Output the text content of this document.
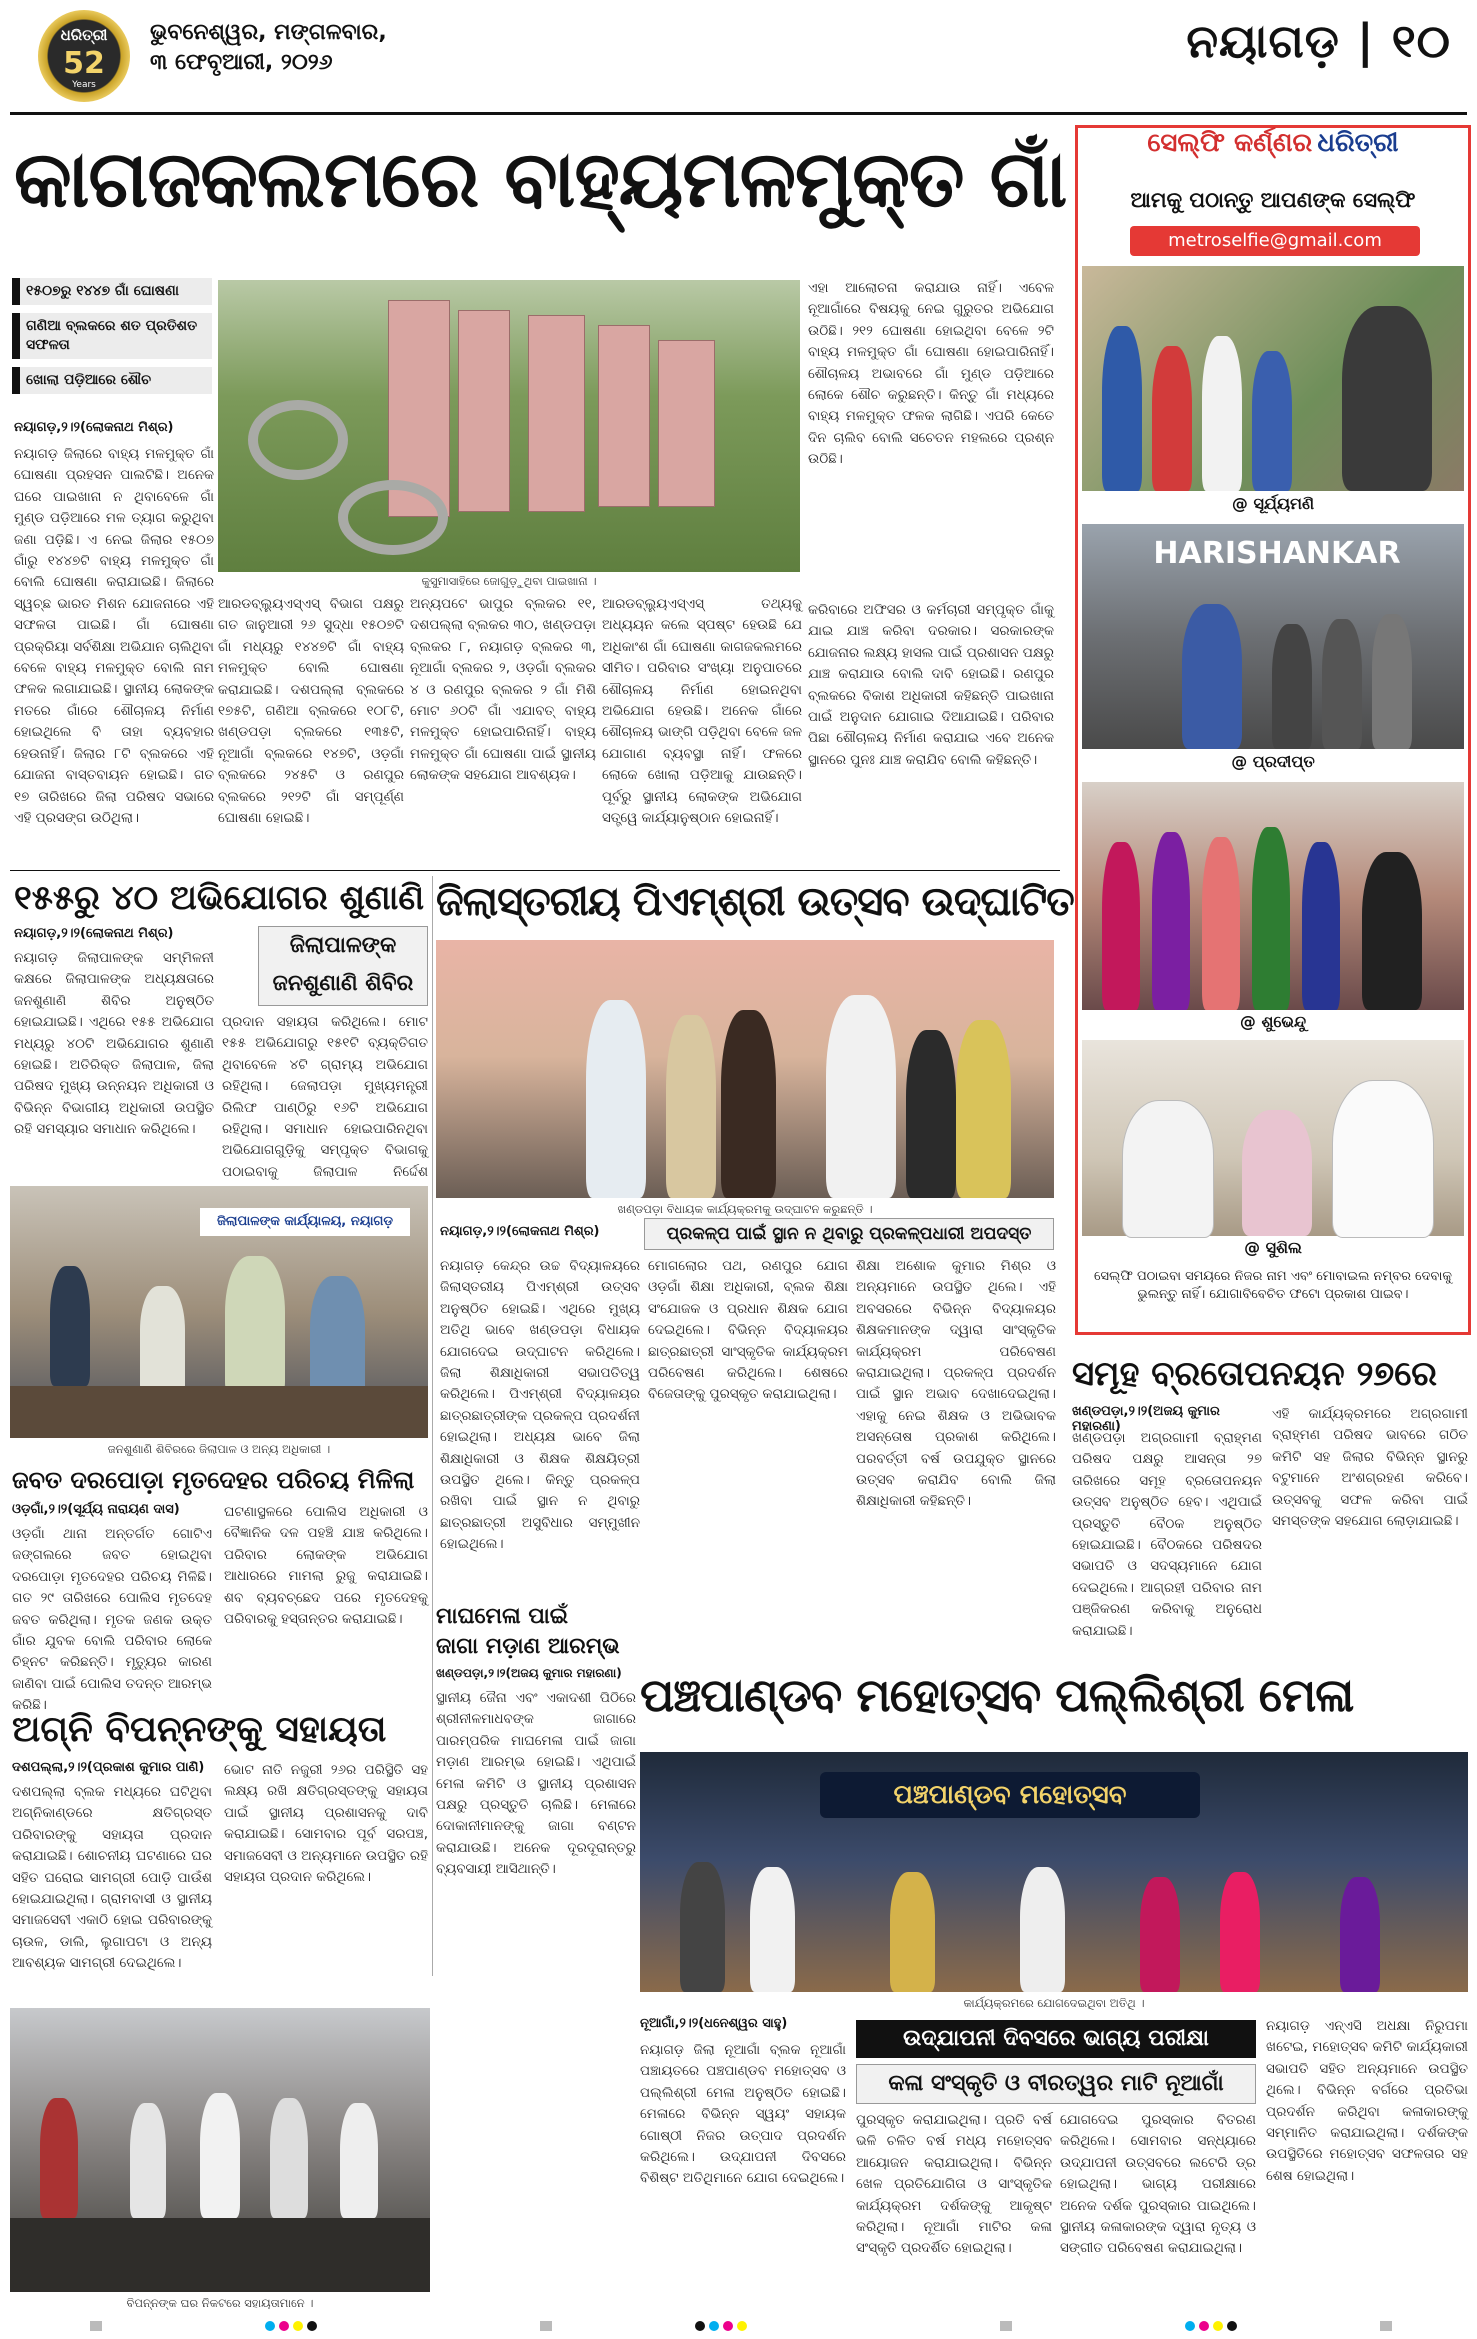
ଧରିତ୍ରୀ
52
Years
ଭୁବନେଶ୍ୱର, ମଙ୍ଗଳବାର,
୩ ଫେବୃଆରୀ, ୨୦୨୬	ନୟାଗଡ଼ | ୧୦
କାଗଜକଲମରେ ବାହ୍ୟମଳମୁକ୍ତ ଗାଁ
୧୫୦୭ରୁ ୧୪୪୭ ଗାଁ ଘୋଷଣା
ଗଣିଆ ବ୍ଲକରେ ଶତ ପ୍ରତିଶତ ସଫଳତା
ଖୋଲା ପଡ଼ିଆରେ ଶୌଚ
ନୟାଗଡ଼,୨।୨(ଲୋକନାଥ ମିଶ୍ର)
ନୟାଗଡ଼ ଜିଲାରେ ବାହ୍ୟ ମଳମୁକ୍ତ ଗାଁ ଘୋଷଣା ପ୍ରହସନ ପାଲଟିଛି। ଅନେକ ଘରେ ପାଇଖାନା ନ ଥିବାବେଳେ ଗାଁ ମୁଣ୍ଡ ପଡ଼ିଆରେ ମଳ ତ୍ୟାଗ କରୁଥିବା ଜଣା ପଡ଼ିଛି। ଏ ନେଇ ଜିଲାର ୧୫୦୭ ଗାଁରୁ ୧୪୪୭ଟି ବାହ୍ୟ ମଳମୁକ୍ତ ଗାଁ ବୋଲି ଘୋଷଣା କରାଯାଇଛି। ଜିଲାରେ ସ୍ୱଚ୍ଛ ଭାରତ ମିଶନ ଯୋଜନାରେ ଏହି ସଫଳତା ପାଇଛି। ଗାଁ ଘୋଷଣା ପ୍ରକ୍ରିୟା ସର୍ବଶିକ୍ଷା ଅଭିଯାନ ଚାଲିଥିବା ବେଳେ ବାହ୍ୟ ମଳମୁକ୍ତ ବୋଲି ନାମ ଫଳକ ଲଗାଯାଇଛି। ସ୍ଥାନୀୟ ଲୋକଙ୍କ ମତରେ ଗାଁରେ ଶୌଚାଳୟ ନିର୍ମାଣ ହୋଇଥିଲେ ବି ତାହା ବ୍ୟବହାର ହେଉନାହିଁ। ଜିଲାର ୮ଟି ବ୍ଲକରେ ଏହି ଯୋଜନା ବାସ୍ତବାୟନ ହୋଇଛି। ଗତ ୧୭ ତାରିଖରେ ଜିଲା ପରିଷଦ ସଭାରେ ଏହି ପ୍ରସଙ୍ଗ ଉଠିଥିଲା।
କୁସୁମାସାହିରେ ଜୋଗୁଡ଼ୁଥିବା ପାଇଖାନା ।
ଆରଡବ୍ଲ୍ୟୁଏସ୍ଏସ୍ ବିଭାଗ ପକ୍ଷରୁ ଗତ ଜାନୁଆରୀ ୨୬ ସୁଦ୍ଧା ୧୫୦୭ଟି ଗାଁ ମଧ୍ୟରୁ ୧୪୪୭ଟି ଗାଁ ବାହ୍ୟ ମଳମୁକ୍ତ ବୋଲି ଘୋଷଣା କରାଯାଇଛି। ଦଶପଲ୍ଲା ବ୍ଲକରେ ୧୭୫ଟି, ଗଣିଆ ବ୍ଲକରେ ୧୦୮ଟି, ଖଣ୍ଡପଡ଼ା ବ୍ଲକରେ ୧୩୫ଟି, ନୂଆଗାଁ ବ୍ଲକରେ ୧୪୭ଟି, ଓଡ଼ଗାଁ ବ୍ଲକରେ ୨୪୫ଟି ଓ ରଣପୁର ବ୍ଲକରେ ୨୧୨ଟି ଗାଁ ସମ୍ପୂର୍ଣ୍ଣ ଘୋଷଣା ହୋଇଛି।
ଅନ୍ୟପଟେ ଭାପୁର ବ୍ଲକର ୧୧, ଦଶପଲ୍ଲା ବ୍ଲକର ୩୦, ଖଣ୍ଡପଡ଼ା ବ୍ଲକର ୮, ନୟାଗଡ଼ ବ୍ଲକର ୩, ନୂଆଗାଁ ବ୍ଲକର ୨, ଓଡ଼ଗାଁ ବ୍ଲକର ୪ ଓ ରଣପୁର ବ୍ଲକର ୨ ଗାଁ ମିଶି ମୋଟ ୬୦ଟି ଗାଁ ଏଯାବତ୍ ବାହ୍ୟ ମଳମୁକ୍ତ ହୋଇପାରିନାହିଁ। ବାହ୍ୟ ମଳମୁକ୍ତ ଗାଁ ଘୋଷଣା ପାଇଁ ସ୍ଥାନୀୟ ଲୋକଙ୍କ ସହଯୋଗ ଆବଶ୍ୟକ।
ଆରଡବ୍ଲ୍ୟୁଏସ୍ଏସ୍ ତଥ୍ୟକୁ ଅଧ୍ୟୟନ କଲେ ସ୍ପଷ୍ଟ ହେଉଛି ଯେ ଅଧିକାଂଶ ଗାଁ ଘୋଷଣା କାଗଜକଲମରେ ସୀମିତ। ପରିବାର ସଂଖ୍ୟା ଅନୁପାତରେ ଶୌଚାଳୟ ନିର୍ମାଣ ହୋଇନଥିବା ଅଭିଯୋଗ ହେଉଛି। ଅନେକ ଗାଁରେ ଶୌଚାଳୟ ଭାଙ୍ଗି ପଡ଼ିଥିବା ବେଳେ ଜଳ ଯୋଗାଣ ବ୍ୟବସ୍ଥା ନାହିଁ। ଫଳରେ ଲୋକେ ଖୋଲା ପଡ଼ିଆକୁ ଯାଉଛନ୍ତି। ପୂର୍ବରୁ ସ୍ଥାନୀୟ ଲୋକଙ୍କ ଅଭିଯୋଗ ସତ୍ତ୍ୱେ କାର୍ଯ୍ୟାନୁଷ୍ଠାନ ହୋଇନାହିଁ।
ଏହା ଆଲୋଚନା କରାଯାଉ ନାହିଁ। ଏବେଳ ନୂଆଗାଁରେ ବିଷୟକୁ ନେଇ ଗୁରୁତର ଅଭିଯୋଗ ଉଠିଛି। ୨୧୨ ଘୋଷଣା ହୋଇଥିବା ବେଳେ ୨ଟି ବାହ୍ୟ ମଳମୁକ୍ତ ଗାଁ ଘୋଷଣା ହୋଇପାରିନାହିଁ। ଶୌଚାଳୟ ଅଭାବରେ ଗାଁ ମୁଣ୍ଡ ପଡ଼ିଆରେ ଲୋକେ ଶୌଚ କରୁଛନ୍ତି। କିନ୍ତୁ ଗାଁ ମଧ୍ୟରେ ବାହ୍ୟ ମଳମୁକ୍ତ ଫଳକ ଲାଗିଛି। ଏପରି କେତେ ଦିନ ଚାଲିବ ବୋଲି ସଚେତନ ମହଲରେ ପ୍ରଶ୍ନ ଉଠିଛି।
କରିବାରେ ଅଫିସର ଓ କର୍ମଚାରୀ ସମ୍ପୃକ୍ତ ଗାଁକୁ ଯାଇ ଯାଞ୍ଚ କରିବା ଦରକାର। ସରକାରଙ୍କ ଯୋଜନାର ଲକ୍ଷ୍ୟ ହାସଲ ପାଇଁ ପ୍ରଶାସନ ପକ୍ଷରୁ ଯାଞ୍ଚ କରାଯାଉ ବୋଲି ଦାବି ହୋଇଛି। ରଣପୁର ବ୍ଲକରେ ବିକାଶ ଅଧିକାରୀ କହିଛନ୍ତି ପାଇଖାନା ପାଇଁ ଅନୁଦାନ ଯୋଗାଇ ଦିଆଯାଇଛି। ପରିବାର ପିଛା ଶୌଚାଳୟ ନିର୍ମାଣ କରାଯାଇ ଏବେ ଅନେକ ସ୍ଥାନରେ ପୁନଃ ଯାଞ୍ଚ କରାଯିବ ବୋଲି କହିଛନ୍ତି।
୧୫୫ରୁ ୪୦ ଅଭିଯୋଗର ଶୁଣାଣି
ନୟାଗଡ଼,୨।୨(ଲୋକନାଥ ମିଶ୍ର)	ଜିଲାପାଳଙ୍କ ଜନଶୁଣାଣି ଶିବିର
ନୟାଗଡ଼ ଜିଲାପାଳଙ୍କ ସମ୍ମିଳନୀ କକ୍ଷରେ ଜିଲାପାଳଙ୍କ ଅଧ୍ୟକ୍ଷତାରେ ଜନଶୁଣାଣି ଶିବିର ଅନୁଷ୍ଠିତ ହୋଇଯାଇଛି। ଏଥିରେ ୧୫୫ ଅଭିଯୋଗ ମଧ୍ୟରୁ ୪୦ଟି ଅଭିଯୋଗର ଶୁଣାଣି ହୋଇଛି। ଅତିରିକ୍ତ ଜିଲାପାଳ, ଜିଲା ପରିଷଦ ମୁଖ୍ୟ ଉନ୍ନୟନ ଅଧିକାରୀ ଓ ବିଭିନ୍ନ ବିଭାଗୀୟ ଅଧିକାରୀ ଉପସ୍ଥିତ ରହି ସମସ୍ୟାର ସମାଧାନ କରିଥିଲେ।
ପ୍ରଦାନ ସହାୟତା କରିଥିଲେ। ମୋଟ ୧୫୫ ଅଭିଯୋଗରୁ ୧୫୧ଟି ବ୍ୟକ୍ତିଗତ ଥିବାବେଳେ ୪ଟି ଗ୍ରାମ୍ୟ ଅଭିଯୋଗ ରହିଥିଲା। ଜେଲାପଡ଼ା ମୁଖ୍ୟମନ୍ତ୍ରୀ ରିଲିଫ ପାଣ୍ଠିରୁ ୧୬ଟି ଅଭିଯୋଗ ରହିଥିଲା। ସମାଧାନ ହୋଇପାରିନଥିବା ଅଭିଯୋଗଗୁଡ଼ିକୁ ସମ୍ପୃକ୍ତ ବିଭାଗକୁ ପଠାଇବାକୁ ଜିଲାପାଳ ନିର୍ଦ୍ଦେଶ
ଜିଲାପାଳଙ୍କ କାର୍ଯ୍ୟାଳୟ, ନୟାଗଡ଼
ଜନଶୁଣାଣି ଶିବିରରେ ଜିଲାପାଳ ଓ ଅନ୍ୟ ଅଧିକାରୀ ।
ଜିଲାସ୍ତରୀୟ ପିଏମ୍ଶ୍ରୀ ଉତ୍ସବ ଉଦ୍‌ଘାଟିତ
ଖଣ୍ଡପଡ଼ା ବିଧାୟକ କାର୍ଯ୍ୟକ୍ରମକୁ ଉଦ୍‌ଘାଟନ କରୁଛନ୍ତି ।
ନୟାଗଡ଼,୨।୨(ଲୋକନାଥ ମିଶ୍ର)	ପ୍ରକଳ୍ପ ପାଇଁ ସ୍ଥାନ ନ ଥିବାରୁ ପ୍ରକଳ୍ପଧାରୀ ଅପଦସ୍ତ
ନୟାଗଡ଼ କେନ୍ଦ୍ର ଉଚ୍ଚ ବିଦ୍ୟାଳୟରେ ଜିଲାସ୍ତରୀୟ ପିଏମ୍ଶ୍ରୀ ଉତ୍ସବ ଅନୁଷ୍ଠିତ ହୋଇଛି। ଏଥିରେ ମୁଖ୍ୟ ଅତିଥି ଭାବେ ଖଣ୍ଡପଡ଼ା ବିଧାୟକ ଯୋଗଦେଇ ଉଦ୍‌ଘାଟନ କରିଥିଲେ। ଜିଲା ଶିକ୍ଷାଧିକାରୀ ସଭାପତିତ୍ୱ କରିଥିଲେ। ପିଏମ୍ଶ୍ରୀ ବିଦ୍ୟାଳୟର ଛାତ୍ରଛାତ୍ରୀଙ୍କ ପ୍ରକଳ୍ପ ପ୍ରଦର୍ଶନୀ ହୋଇଥିଲା। ଅଧ୍ୟକ୍ଷ ଭାବେ ଜିଲା ଶିକ୍ଷାଧିକାରୀ ଓ ଶିକ୍ଷକ ଶିକ୍ଷୟିତ୍ରୀ ଉପସ୍ଥିତ ଥିଲେ। କିନ୍ତୁ ପ୍ରକଳ୍ପ ରଖିବା ପାଇଁ ସ୍ଥାନ ନ ଥିବାରୁ ଛାତ୍ରଛାତ୍ରୀ ଅସୁବିଧାର ସମ୍ମୁଖୀନ ହୋଇଥିଲେ।
ମୋଗଲୋର ପଥ, ରଣପୁର ଯୋଗ ଓଡ଼ଗାଁ ଶିକ୍ଷା ଅଧିକାରୀ, ବ୍ଲକ ଶିକ୍ଷା ସଂଯୋଜକ ଓ ପ୍ରଧାନ ଶିକ୍ଷକ ଯୋଗ ଦେଇଥିଲେ। ବିଭିନ୍ନ ବିଦ୍ୟାଳୟର ଛାତ୍ରଛାତ୍ରୀ ସାଂସ୍କୃତିକ କାର୍ଯ୍ୟକ୍ରମ ପରିବେଷଣ କରିଥିଲେ। ଶେଷରେ ବିଜେତାଙ୍କୁ ପୁରସ୍କୃତ କରାଯାଇଥିଲା।
ଶିକ୍ଷା ଅଶୋକ କୁମାର ମିଶ୍ର ଓ ଅନ୍ୟମାନେ ଉପସ୍ଥିତ ଥିଲେ। ଏହି ଅବସରରେ ବିଭିନ୍ନ ବିଦ୍ୟାଳୟର ଶିକ୍ଷକମାନଙ୍କ ଦ୍ୱାରା ସାଂସ୍କୃତିକ କାର୍ଯ୍ୟକ୍ରମ ପରିବେଷଣ କରାଯାଇଥିଲା। ପ୍ରକଳ୍ପ ପ୍ରଦର୍ଶନ ପାଇଁ ସ୍ଥାନ ଅଭାବ ଦେଖାଦେଇଥିଲା। ଏହାକୁ ନେଇ ଶିକ୍ଷକ ଓ ଅଭିଭାବକ ଅସନ୍ତୋଷ ପ୍ରକାଶ କରିଥିଲେ। ପରବର୍ତ୍ତୀ ବର୍ଷ ଉପଯୁକ୍ତ ସ୍ଥାନରେ ଉତ୍ସବ କରାଯିବ ବୋଲି ଜିଲା ଶିକ୍ଷାଧିକାରୀ କହିଛନ୍ତି।
ସେଲ୍ଫି କର୍ଣ୍ଣର ଧରିତ୍ରୀ
ଆମକୁ ପଠାନ୍ତୁ ଆପଣଙ୍କ ସେଲ୍ଫି
metroselfie@gmail.com
@ ସୂର୍ଯ୍ୟମଣି
HARISHANKAR
@ ପ୍ରଦୀପ୍ତ
@ ଶୁଭେନ୍ଦୁ
@ ସୁଶିଲ
ସେଲ୍ଫି ପଠାଇବା ସମୟରେ ନିଜର ନାମ ଏବଂ ମୋବାଇଲ ନମ୍ବର ଦେବାକୁ ଭୁଲନ୍ତୁ ନାହିଁ। ଯୋଗାବିବେଚିତ ଫଟୋ ପ୍ରକାଶ ପାଇବ।
ସମୂହ ବ୍ରତୋପନୟନ ୨୭ରେ
ଖଣ୍ଡପଡ଼ା,୨।୨(ଅଜୟ କୁମାର ମହାରଣା)
ଖଣ୍ଡପଡ଼ା ଅଗ୍ରଗାମୀ ବ୍ରାହ୍ମଣ ପରିଷଦ ପକ୍ଷରୁ ଆସନ୍ତା ୨୭ ତାରିଖରେ ସମୂହ ବ୍ରତୋପନୟନ ଉତ୍ସବ ଅନୁଷ୍ଠିତ ହେବ। ଏଥିପାଇଁ ପ୍ରସ୍ତୁତି ବୈଠକ ଅନୁଷ୍ଠିତ ହୋଇଯାଇଛି। ବୈଠକରେ ପରିଷଦର ସଭାପତି ଓ ସଦସ୍ୟମାନେ ଯୋଗ ଦେଇଥିଲେ। ଆଗ୍ରହୀ ପରିବାର ନାମ ପଞ୍ଜିକରଣ କରିବାକୁ ଅନୁରୋଧ କରାଯାଇଛି।
ଏହି କାର୍ଯ୍ୟକ୍ରମରେ ଅଗ୍ରଗାମୀ ବ୍ରାହ୍ମଣ ପରିଷଦ ଭାବରେ ଗଠିତ କମିଟି ସହ ଜିଲାର ବିଭିନ୍ନ ସ୍ଥାନରୁ ବଟୁମାନେ ଅଂଶଗ୍ରହଣ କରିବେ। ଉତ୍ସବକୁ ସଫଳ କରିବା ପାଇଁ ସମସ୍ତଙ୍କ ସହଯୋଗ ଲୋଡ଼ାଯାଇଛି।
ଜବତ ଦରପୋଡ଼ା ମୃତଦେହର ପରିଚୟ ମିଳିଲା
ଓଡ଼ଗାଁ,୨।୨(ସୂର୍ଯ୍ୟ ନାରାୟଣ ଦାସ)
ଓଡ଼ଗାଁ ଥାନା ଅନ୍ତର୍ଗତ ଗୋଟିଏ ଜଙ୍ଗଲରେ ଜବତ ହୋଇଥିବା ଦରପୋଡ଼ା ମୃତଦେହର ପରିଚୟ ମିଳିଛି। ଗତ ୨୯ ତାରିଖରେ ପୋଲିସ ମୃତଦେହ ଜବତ କରିଥିଲା। ମୃତକ ଜଣକ ଉକ୍ତ ଗାଁର ଯୁବକ ବୋଲି ପରିବାର ଲୋକେ ଚିହ୍ନଟ କରିଛନ୍ତି। ମୃତ୍ୟୁର କାରଣ ଜାଣିବା ପାଇଁ ପୋଲିସ ତଦନ୍ତ ଆରମ୍ଭ କରିଛି।
ଘଟଣାସ୍ଥଳରେ ପୋଲିସ ଅଧିକାରୀ ଓ ବୈଜ୍ଞାନିକ ଦଳ ପହଞ୍ଚି ଯାଞ୍ଚ କରିଥିଲେ। ପରିବାର ଲୋକଙ୍କ ଅଭିଯୋଗ ଆଧାରରେ ମାମଲା ରୁଜୁ କରାଯାଇଛି। ଶବ ବ୍ୟବଚ୍ଛେଦ ପରେ ମୃତଦେହକୁ ପରିବାରକୁ ହସ୍ତାନ୍ତର କରାଯାଇଛି।	ମାଘମେଳା ପାଇଁ
ଜାଗା ମଡ଼ାଣ ଆରମ୍ଭ
ଖଣ୍ଡପଡ଼ା,୨।୨(ଅଜୟ କୁମାର ମହାରଣା) ପଞ୍ଚପାଣ୍ଡବ ମହୋତ୍ସବ ପଲ୍ଲିଶ୍ରୀ ମେଳା
ଅଗ୍ନି ବିପନ୍ନଙ୍କୁ ସହାୟତା
ଦଶପଲ୍ଲା,୨।୨(ପ୍ରକାଶ କୁମାର ପାଣି)
ଦଶପଲ୍ଲା ବ୍ଲକ ମଧ୍ୟରେ ଘଟିଥିବା ଅଗ୍ନିକାଣ୍ଡରେ କ୍ଷତିଗ୍ରସ୍ତ ପରିବାରଙ୍କୁ ସହାୟତା ପ୍ରଦାନ କରାଯାଇଛି। ଶୋଚନୀୟ ଘଟଣାରେ ଘର ସହିତ ଘରୋଇ ସାମଗ୍ରୀ ପୋଡ଼ି ପାଉଁଶ ହୋଇଯାଇଥିଲା। ଗ୍ରାମବାସୀ ଓ ସ୍ଥାନୀୟ ସମାଜସେବୀ ଏକାଠି ହୋଇ ପରିବାରଙ୍କୁ ଚାଉଳ, ଡାଲି, ଲୁଗାପଟା ଓ ଅନ୍ୟ ଆବଶ୍ୟକ ସାମଗ୍ରୀ ଦେଇଥିଲେ।
ଭୋଟ ନାତି ନଜୁରୀ ୨୬ର ପରିସ୍ଥିତି ସହ ଲକ୍ଷ୍ୟ ରଖି କ୍ଷତିଗ୍ରସ୍ତଙ୍କୁ ସହାୟତା ପାଇଁ ସ୍ଥାନୀୟ ପ୍ରଶାସନକୁ ଦାବି କରାଯାଇଛି। ସୋମବାର ପୂର୍ବ ସରପଞ୍ଚ, ସମାଜସେବୀ ଓ ଅନ୍ୟମାନେ ଉପସ୍ଥିତ ରହି ସହାୟତା ପ୍ରଦାନ କରିଥିଲେ।
ବିପନ୍ନଙ୍କ ଘର ନିକଟରେ ସହାୟତାମାନେ ।
ସ୍ଥାନୀୟ ଜୈନା ଏବଂ ଏକାଦଶୀ ପିଠିରେ ଶ୍ରୀନୀଳମାଧବଙ୍କ ଜାଗାରେ ପାରମ୍ପରିକ ମାଘମେଳା ପାଇଁ ଜାଗା ମଡ଼ାଣ ଆରମ୍ଭ ହୋଇଛି। ଏଥିପାଇଁ ମେଳା କମିଟି ଓ ସ୍ଥାନୀୟ ପ୍ରଶାସନ ପକ୍ଷରୁ ପ୍ରସ୍ତୁତି ଚାଲିଛି। ମେଳାରେ ଦୋକାନୀମାନଙ୍କୁ ଜାଗା ବଣ୍ଟନ କରାଯାଉଛି। ଅନେକ ଦୂରଦୂରାନ୍ତରୁ ବ୍ୟବସାୟୀ ଆସିଥାନ୍ତି।
ପଞ୍ଚପାଣ୍ଡବ ମହୋତ୍ସବ
କାର୍ଯ୍ୟକ୍ରମରେ ଯୋଗଦେଇଥିବା ଅତିଥି ।
ନୂଆଗାଁ,୨।୨(ଧନେଶ୍ୱର ସାହୁ)
ଉଦ୍‌ଯାପନୀ ଦିବସରେ ଭାଗ୍ୟ ପରୀକ୍ଷା
କଳା ସଂସ୍କୃତି ଓ ବୀରତ୍ୱର ମାଟି ନୂଆଗାଁ
ନୟାଗଡ଼ ଜିଲା ନୂଆଗାଁ ବ୍ଲକ ନୂଆଗାଁ ପଞ୍ଚାୟତରେ ପଞ୍ଚପାଣ୍ଡବ ମହୋତ୍ସବ ଓ ପଲ୍ଲିଶ୍ରୀ ମେଳା ଅନୁଷ୍ଠିତ ହୋଇଛି। ମେଳାରେ ବିଭିନ୍ନ ସ୍ୱୟଂ ସହାୟକ ଗୋଷ୍ଠୀ ନିଜର ଉତ୍ପାଦ ପ୍ରଦର୍ଶନ କରିଥିଲେ। ଉଦ୍‌ଯାପନୀ ଦିବସରେ ବିଶିଷ୍ଟ ଅତିଥିମାନେ ଯୋଗ ଦେଇଥିଲେ।
ପୁରସ୍କୃତ କରାଯାଇଥିଲା। ପ୍ରତି ବର୍ଷ ଭଳି ଚଳିତ ବର୍ଷ ମଧ୍ୟ ମହୋତ୍ସବ ଆୟୋଜନ କରାଯାଇଥିଲା। ବିଭିନ୍ନ ଖେଳ ପ୍ରତିଯୋଗିତା ଓ ସାଂସ୍କୃତିକ କାର୍ଯ୍ୟକ୍ରମ ଦର୍ଶକଙ୍କୁ ଆକୃଷ୍ଟ କରିଥିଲା। ନୂଆଗାଁ ମାଟିର କଳା ସଂସ୍କୃତି ପ୍ରଦର୍ଶିତ ହୋଇଥିଲା।
ଯୋଗଦେଇ ପୁରସ୍କାର ବିତରଣ କରିଥିଲେ। ସୋମବାର ସନ୍ଧ୍ୟାରେ ଉଦ୍‌ଯାପନୀ ଉତ୍ସବରେ ଲଟେରି ଡ୍ର ହୋଇଥିଲା। ଭାଗ୍ୟ ପରୀକ୍ଷାରେ ଅନେକ ଦର୍ଶକ ପୁରସ୍କାର ପାଇଥିଲେ। ସ୍ଥାନୀୟ କଳାକାରଙ୍କ ଦ୍ୱାରା ନୃତ୍ୟ ଓ ସଙ୍ଗୀତ ପରିବେଷଣ କରାଯାଇଥିଲା।
ନୟାଗଡ଼ ଏନ୍‌ଏସି ଅଧକ୍ଷା ନିରୁପମା ଖଟେଇ, ମହୋତ୍ସବ କମିଟି କାର୍ଯ୍ୟକାରୀ ସଭାପତି ସହିତ ଅନ୍ୟମାନେ ଉପସ୍ଥିତ ଥିଲେ। ବିଭିନ୍ନ ବର୍ଗରେ ପ୍ରତିଭା ପ୍ରଦର୍ଶନ କରିଥିବା କଳାକାରଙ୍କୁ ସମ୍ମାନିତ କରାଯାଇଥିଲା। ଦର୍ଶକଙ୍କ ଉପସ୍ଥିତିରେ ମହୋତ୍ସବ ସଫଳତାର ସହ ଶେଷ ହୋଇଥିଲା।
